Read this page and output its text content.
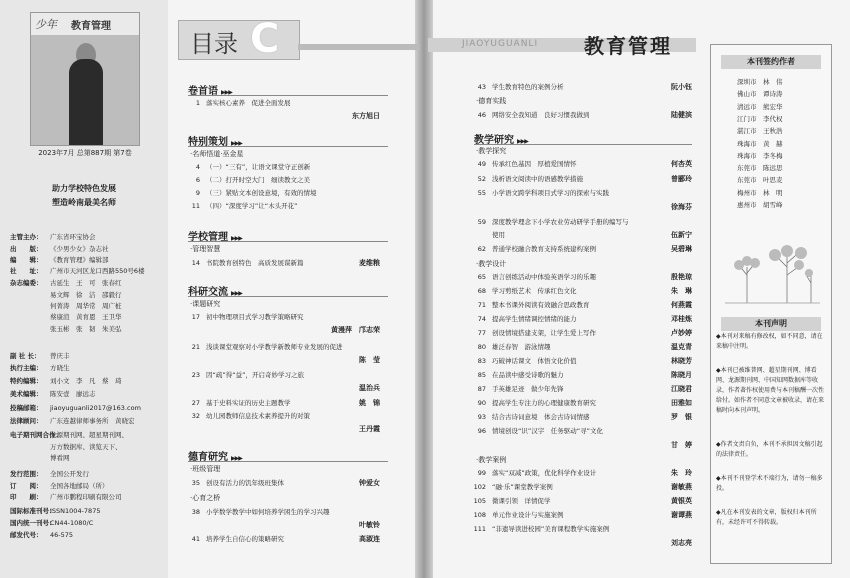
少年 教育管理
2023年7月 总第887期 第7卷
助力学校特色发展
塑造岭南最美名师
主管主办： 广东省环宝协会
出　　版： 《少男少女》杂志社
编　　辑： 《教育管理》编辑部
社　　址： 广州市天河区龙口西路550号6楼
杂志编委： 古延生　王　可　张春红
易文辉　徐　洁　邵毅行
何菁涛　周华常　周广桩
蔡康渲　黄育恩　王卫华
张玉彬　张　韧　朱美弘
副 社 长： 曾庆丰
执行主编： 方晓生
特约编辑： 刘小文　李　凡　蔡　琦
美术编辑： 陈安壹　廖远志
投稿邮箱： jiaoyuguanli2017@163.com
法律顾问： 广东连越律师事务所　黄晓宏
电子期刊网合作：龙源期刊网、超星期刊网、
万方数据库、读览天下、
博看网
发行范围： 全国公开发行
订　　阅： 全国各地邮局（所）
印　　刷： 广州市鹏程印刷有限公司
国际标准刊号：ISSN1004-7875
国内统一刊号：CN44-1080/C
邮发代号： 46-575
目录 C	JIAOYUGUANLI 教育管理
卷首语 ▶▶▶
1 落实核心素养　促进全面发展
东方旭日
特别策划 ▶▶▶
·名师悟道·巫金星
4 （一）“三有”，让语文课堂守正创新
6 （二）打开时空大门　细读教文之美
9 （三）紧贴文本创设意境，有效的情境
11 （四）“深度学习”让“木头开花”
学校管理 ▶▶▶
·管理智慧
14 书院教育创特色　高质发展谋新篇	麦维粮
科研交流 ▶▶▶
·课题研究
17 初中物理项目式学习教学策略研究
黄漫萍　邝志荣
21 浅谈课堂观察对小学教学新教师专业发展的促进
陈　莹
23 因“疏”得“益”，开启奇妙学习之旅
温治兵
27 基于史料实证的历史主题教学	姚　锦
32 幼儿园教师信息技术素养提升的对策
王丹霞
德育研究 ▶▶▶
·班级管理
35 创设有活力的饥年级班集体	钟爱女
·心育之桥
38 小学数学教学中如何培养学困生的学习兴趣
叶敏铃
41 培养学生自信心的策略研究	高淑连
43 学生教育特色的案例分析	阮小钰
·德育实践
46 网络安全我知道　良好习惯我做到	陆健滨
教学研究 ▶▶▶
·教学探究
49 传承红色基因　厚植爱国情怀	何杏英
52 浅析语文阅读中的语感教学措施	曾郦玲
55 小学语文跨学科项目式学习的探索与实践
徐海芬
59 深度教学理念下小学农业劳动研学手册的编写与
使用	伍新宁
62 普通学校融合教育支持系统建构案例	吴碧琳
·教学设计
65 语言创练活动中体验英语学习的乐趣	殷艳琼
68 学习剪纸艺术　传承红色文化	朱　琳
71 整本书课外阅读有效融合思政教育	何燕霞
74 提高学生情绪调控情绪的能力	邓桂炼
77 创设情境搭建支架，让学生爱上写作	卢妙婷
80 雄泛春智　游泳情趣	温克青
83 巧破神话课文　体悟文化价值	林晓芳
85 在品读中感受诗歌的魅力	陈晓月
87 手英雄足迹　做少年先锋	江晓君
90 提高学生专注力的心理健康教育研究	田雅如
93 结合古诗词意境　体会古诗词情感	罗　银
96 情境创设“识”汉字　任务驱动“寻”文化
甘　婷
·教学案例
99 落实“双减”政策，优化科学作业设计	朱　玲
102 “融·乐”课堂教学案例	谢敏燕
105 微课引领　详情促学	黄银英
108 单元作业设计与实施案例	谢谭燕
111 “非遗导读进校园”美育课程教学实施案例
刘志亮
本刊签约作者
深圳市　林　伟
佛山市　谭诗涛
清远市　熊宏华
江门市　李代权
湛江市　王秋浩
珠海市　黄　赫
珠海市　李冬梅
东莞市　陈远思
东莞市　叶思麦
梅州市　林　明
惠州市　胡雪峰
本刊声明
◆本刊对来稿有修改权，如不同意，请在来稿中注明。
◆本刊已被维普网、超星期刊网、博看网、龙源期刊网、中国知网数据库等收录，作者著作权使用费与本刊稿酬一次性给付。如作者不同意文章被收录，请在来稿时向本刊声明。
◆作者文责自负，本刊不承担因文稿引起的法律责任。
◆本刊不刊登学术不端行为，请勿一稿多投。
◆凡在本刊发表的文章，版权归本刊所有，未经许可不得转载。
